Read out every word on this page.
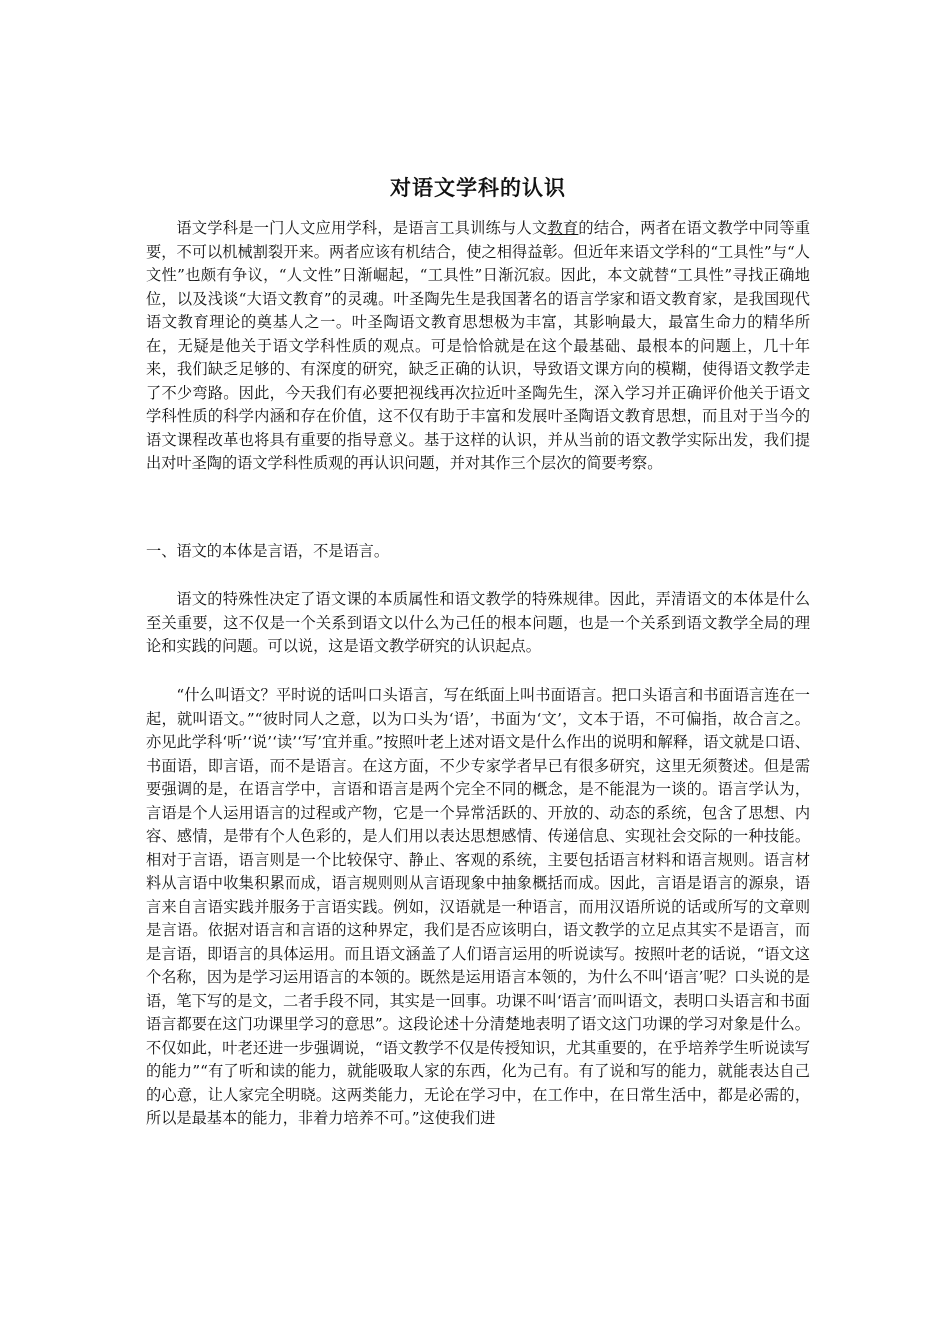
对语文学科的认识

语文学科是一门人文应用学科，是语言工具训练与人文教育的结合，两者在语文教学中同等重要，不可以机械割裂开来。两者应该有机结合，使之相得益彰。但近年来语文学科的“工具性”与“人文性”也颇有争议，“人文性”日渐崛起，“工具性”日渐沉寂。因此，本文就替“工具性”寻找正确地位，以及浅谈“大语文教育”的灵魂。叶圣陶先生是我国著名的语言学家和语文教育家，是我国现代语文教育理论的奠基人之一。叶圣陶语文教育思想极为丰富，其影响最大，最富生命力的精华所在，无疑是他关于语文学科性质的观点。可是恰恰就是在这个最基础、最根本的问题上，几十年来，我们缺乏足够的、有深度的研究，缺乏正确的认识，导致语文课方向的模糊，使得语文教学走了不少弯路。因此，今天我们有必要把视线再次拉近叶圣陶先生，深入学习并正确评价他关于语文学科性质的科学内涵和存在价值，这不仅有助于丰富和发展叶圣陶语文教育思想，而且对于当今的语文课程改革也将具有重要的指导意义。基于这样的认识，并从当前的语文教学实际出发，我们提出对叶圣陶的语文学科性质观的再认识问题，并对其作三个层次的简要考察。

一、语文的本体是言语，不是语言。

语文的特殊性决定了语文课的本质属性和语文教学的特殊规律。因此，弄清语文的本体是什么至关重要，这不仅是一个关系到语文以什么为己任的根本问题，也是一个关系到语文教学全局的理论和实践的问题。可以说，这是语文教学研究的认识起点。

“什么叫语文？平时说的话叫口头语言，写在纸面上叫书面语言。把口头语言和书面语言连在一起，就叫语文。”“彼时同人之意，以为口头为‘语’，书面为‘文’，文本于语，不可偏指，故合言之。亦见此学科‘听’‘说’‘读’‘写’宜并重。”按照叶老上述对语文是什么作出的说明和解释，语文就是口语、书面语，即言语，而不是语言。在这方面，不少专家学者早已有很多研究，这里无须赘述。但是需要强调的是，在语言学中，言语和语言是两个完全不同的概念，是不能混为一谈的。语言学认为，言语是个人运用语言的过程或产物，它是一个异常活跃的、开放的、动态的系统，包含了思想、内容、感情，是带有个人色彩的，是人们用以表达思想感情、传递信息、实现社会交际的一种技能。相对于言语，语言则是一个比较保守、静止、客观的系统，主要包括语言材料和语言规则。语言材料从言语中收集积累而成，语言规则则从言语现象中抽象概括而成。因此，言语是语言的源泉，语言来自言语实践并服务于言语实践。例如，汉语就是一种语言，而用汉语所说的话或所写的文章则是言语。依据对语言和言语的这种界定，我们是否应该明白，语文教学的立足点其实不是语言，而是言语，即语言的具体运用。而且语文涵盖了人们语言运用的听说读写。按照叶老的话说，“语文这个名称，因为是学习运用语言的本领的。既然是运用语言本领的，为什么不叫‘语言’呢？口头说的是语，笔下写的是文，二者手段不同，其实是一回事。功课不叫‘语言’而叫语文，表明口头语言和书面语言都要在这门功课里学习的意思”。这段论述十分清楚地表明了语文这门功课的学习对象是什么。不仅如此，叶老还进一步强调说，“语文教学不仅是传授知识，尤其重要的，在乎培养学生听说读写的能力”“有了听和读的能力，就能吸取人家的东西，化为己有。有了说和写的能力，就能表达自己的心意，让人家完全明晓。这两类能力，无论在学习中，在工作中，在日常生活中，都是必需的，所以是最基本的能力，非着力培养不可。”这使我们进
